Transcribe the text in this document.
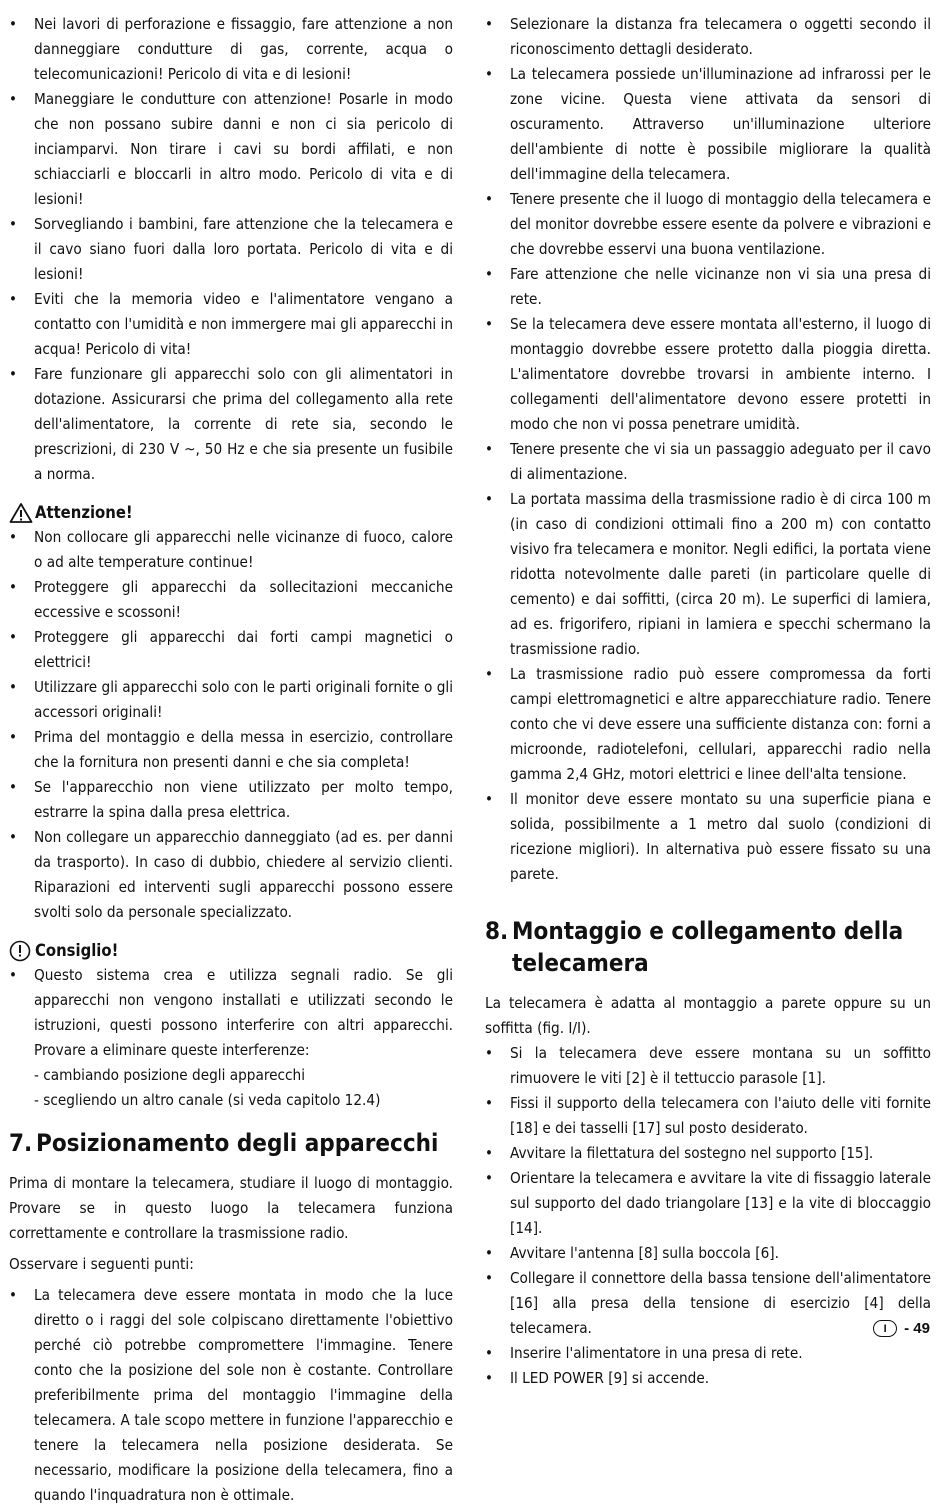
• Nei lavori di perforazione e fissaggio, fare attenzione a non danneggiare condutture di gas, corrente, acqua o telecomunicazioni! Pericolo di vita e di lesioni!
• Maneggiare le condutture con attenzione! Posarle in modo che non possano subire danni e non ci sia pericolo di inciamparvi. Non tirare i cavi su bordi affilati, e non schiacciarli e bloccarli in altro modo. Pericolo di vita e di lesioni!
• Sorvegliando i bambini, fare attenzione che la telecamera e il cavo siano fuori dalla loro portata. Pericolo di vita e di lesioni!
• Eviti che la memoria video e l'alimentatore vengano a contatto con l'umidità e non immergere mai gli apparecchi in acqua! Pericolo di vita!
• Fare funzionare gli apparecchi solo con gli alimentatori in dotazione. Assicurarsi che prima del collegamento alla rete dell'alimentatore, la corrente di rete sia, secondo le prescrizioni, di 230 V ∼, 50 Hz e che sia presente un fusibile a norma.
Attenzione!
• Non collocare gli apparecchi nelle vicinanze di fuoco, calore o ad alte temperature continue!
• Proteggere gli apparecchi da sollecitazioni meccaniche eccessive e scossoni!
• Proteggere gli apparecchi dai forti campi magnetici o elettrici!
• Utilizzare gli apparecchi solo con le parti originali fornite o gli accessori originali!
• Prima del montaggio e della messa in esercizio, controllare che la fornitura non presenti danni e che sia completa!
• Se l'apparecchio non viene utilizzato per molto tempo, estrarre la spina dalla presa elettrica.
• Non collegare un apparecchio danneggiato (ad es. per danni da trasporto). In caso di dubbio, chiedere al servizio clienti. Riparazioni ed interventi sugli apparecchi possono essere svolti solo da personale specializzato.
Consiglio!
• Questo sistema crea e utilizza segnali radio. Se gli apparecchi non vengono installati e utilizzati secondo le istruzioni, questi possono interferire con altri apparecchi. Provare a eliminare queste interferenze:
- cambiando posizione degli apparecchi
- scegliendo un altro canale (si veda capitolo 12.4)
7. Posizionamento degli apparecchi

Prima di montare la telecamera, studiare il luogo di montaggio. Provare se in questo luogo la telecamera funziona correttamente e controllare la trasmissione radio.

Osservare i seguenti punti:

• La telecamera deve essere montata in modo che la luce diretto o i raggi del sole colpiscano direttamente l'obiettivo perché ciò potrebbe compromettere l'immagine. Tenere conto che la posizione del sole non è costante. Controllare preferibilmente prima del montaggio l'immagine della telecamera. A tale scopo mettere in funzione l'apparecchio e tenere la telecamera nella posizione desiderata. Se necessario, modificare la posizione della telecamera, fino a quando l'inquadratura non è ottimale.
• Selezionare la distanza fra telecamera o oggetti secondo il riconoscimento dettagli desiderato.
• La telecamera possiede un'illuminazione ad infrarossi per le zone vicine. Questa viene attivata da sensori di oscuramento. Attraverso un'illuminazione ulteriore dell'ambiente di notte è possibile migliorare la qualità dell'immagine della telecamera.
• Tenere presente che il luogo di montaggio della telecamera e del monitor dovrebbe essere esente da polvere e vibrazioni e che dovrebbe esservi una buona ventilazione.
• Fare attenzione che nelle vicinanze non vi sia una presa di rete.
• Se la telecamera deve essere montata all'esterno, il luogo di montaggio dovrebbe essere protetto dalla pioggia diretta. L'alimentatore dovrebbe trovarsi in ambiente interno. I collegamenti dell'alimentatore devono essere protetti in modo che non vi possa penetrare umidità.
• Tenere presente che vi sia un passaggio adeguato per il cavo di alimentazione.
• La portata massima della trasmissione radio è di circa 100 m (in caso di condizioni ottimali fino a 200 m) con contatto visivo fra telecamera e monitor. Negli edifici, la portata viene ridotta notevolmente dalle pareti (in particolare quelle di cemento) e dai soffitti, (circa 20 m). Le superfici di lamiera, ad es. frigorifero, ripiani in lamiera e specchi schermano la trasmissione radio.
• La trasmissione radio può essere compromessa da forti campi elettromagnetici e altre apparecchiature radio. Tenere conto che vi deve essere una sufficiente distanza con: forni a microonde, radiotelefoni, cellulari, apparecchi radio nella gamma 2,4 GHz, motori elettrici e linee dell'alta tensione.
• Il monitor deve essere montato su una superficie piana e solida, possibilmente a 1 metro dal suolo (condizioni di ricezione migliori). In alternativa può essere fissato su una parete.
8. Montaggio e collegamento della telecamera

La telecamera è adatta al montaggio a parete oppure su un soffitta (fig. I/I).

• Si la telecamera deve essere montana su un soffitto rimuovere le viti [2] è il tettuccio parasole [1].
• Fissi il supporto della telecamera con l'aiuto delle viti fornite [18] e dei tasselli [17] sul posto desiderato.
• Avvitare la filettatura del sostegno nel supporto [15].
• Orientare la telecamera e avvitare la vite di fissaggio laterale sul supporto del dado triangolare [13] e la vite di bloccaggio [14].
• Avvitare l'antenna [8] sulla boccola [6].
• Collegare il connettore della bassa tensione dell'alimentatore [16] alla presa della tensione di esercizio [4] della telecamera.
• Inserire l'alimentatore in una presa di rete.
• Il LED POWER [9] si accende.
I	- 49
